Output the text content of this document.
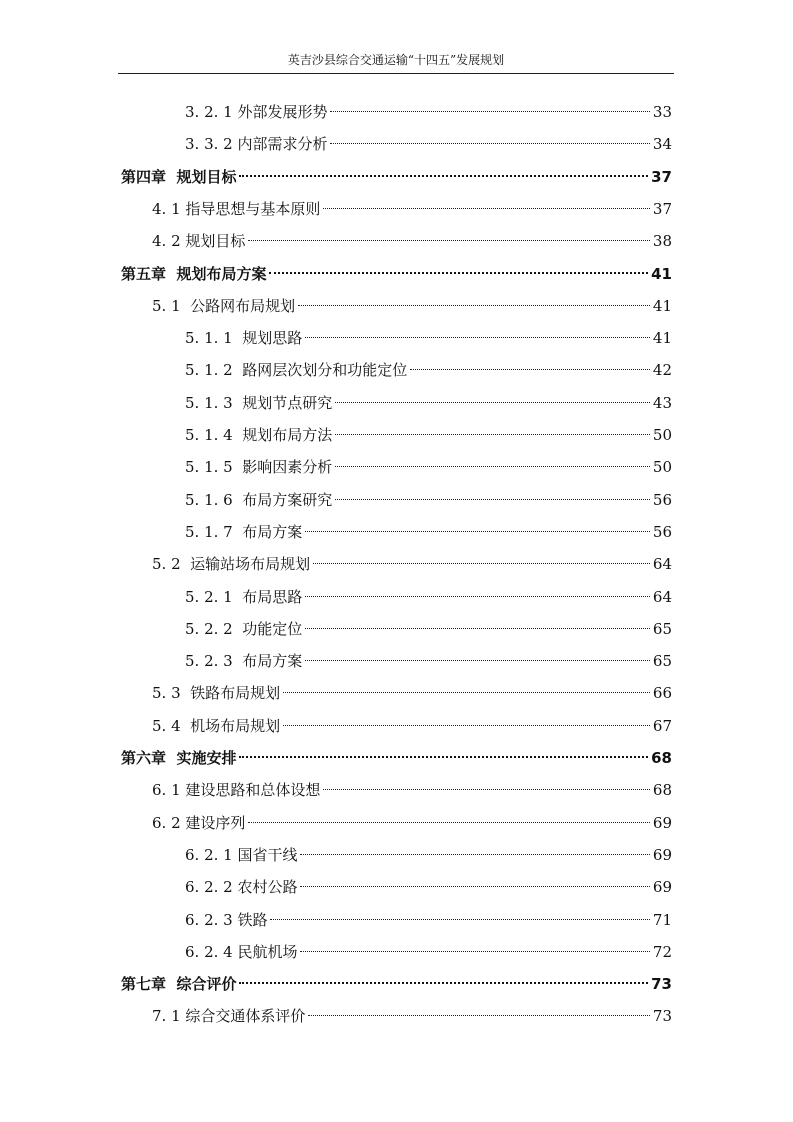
英吉沙县综合交通运输“十四五”发展规划
3. 2. 1 外部发展形势	33
3. 3. 2 内部需求分析	34
第四章  规划目标	37
4. 1 指导思想与基本原则	37
4. 2 规划目标	38
第五章  规划布局方案	41
5. 1  公路网布局规划	41
5. 1. 1  规划思路	41
5. 1. 2  路网层次划分和功能定位	42
5. 1. 3  规划节点研究	43
5. 1. 4  规划布局方法	50
5. 1. 5  影响因素分析	50
5. 1. 6  布局方案研究	56
5. 1. 7  布局方案	56
5. 2  运输站场布局规划	64
5. 2. 1  布局思路	64
5. 2. 2  功能定位	65
5. 2. 3  布局方案	65
5. 3  铁路布局规划	66
5. 4  机场布局规划	67
第六章  实施安排	68
6. 1 建设思路和总体设想	68
6. 2 建设序列	69
6. 2. 1 国省干线	69
6. 2. 2 农村公路	69
6. 2. 3 铁路	71
6. 2. 4 民航机场	72
第七章  综合评价	73
7. 1 综合交通体系评价	73
